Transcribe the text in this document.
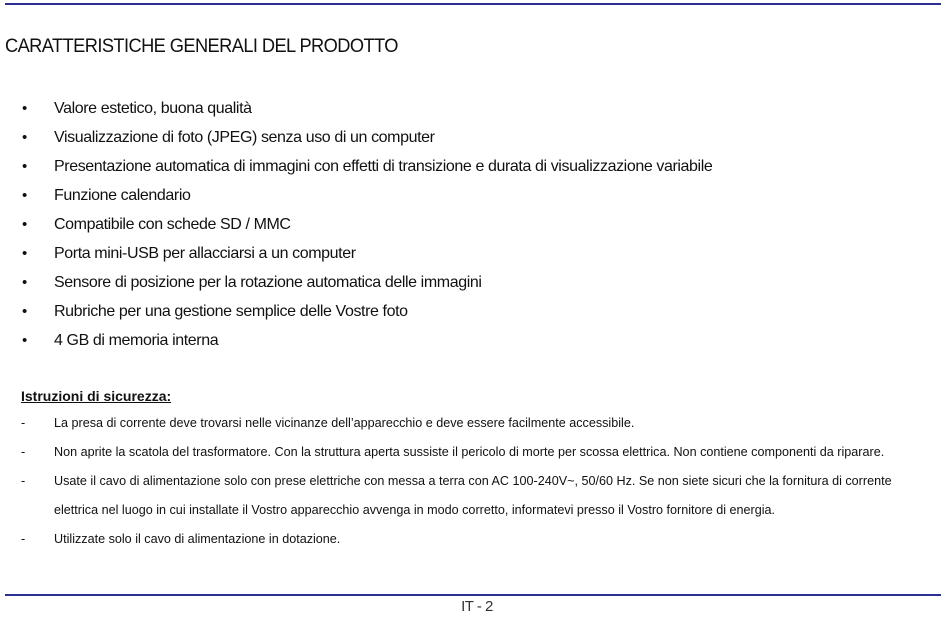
CARATTERISTICHE GENERALI DEL PRODOTTO
•	Valore estetico, buona qualità
•	Visualizzazione di foto (JPEG) senza uso di un computer
•	Presentazione automatica di immagini con effetti di transizione e durata di visualizzazione variabile
•	Funzione calendario
•	Compatibile con schede SD / MMC
•	Porta mini-USB per allacciarsi a un computer
•	Sensore di posizione per la rotazione automatica delle immagini
•	Rubriche per una gestione semplice delle Vostre foto
•	4 GB di memoria interna
Istruzioni di sicurezza:
-	La presa di corrente deve trovarsi nelle vicinanze dell’apparecchio e deve essere facilmente accessibile.
-	Non aprite la scatola del trasformatore. Con la struttura aperta sussiste il pericolo di morte per scossa elettrica. Non contiene componenti da riparare.
-	Usate il cavo di alimentazione solo con prese elettriche con messa a terra con AC 100-240V~, 50/60 Hz. Se non siete sicuri che la fornitura di corrente
elettrica nel luogo in cui installate il Vostro apparecchio avvenga in modo corretto, informatevi presso il Vostro fornitore di energia.
-	Utilizzate solo il cavo di alimentazione in dotazione.
IT - 2
